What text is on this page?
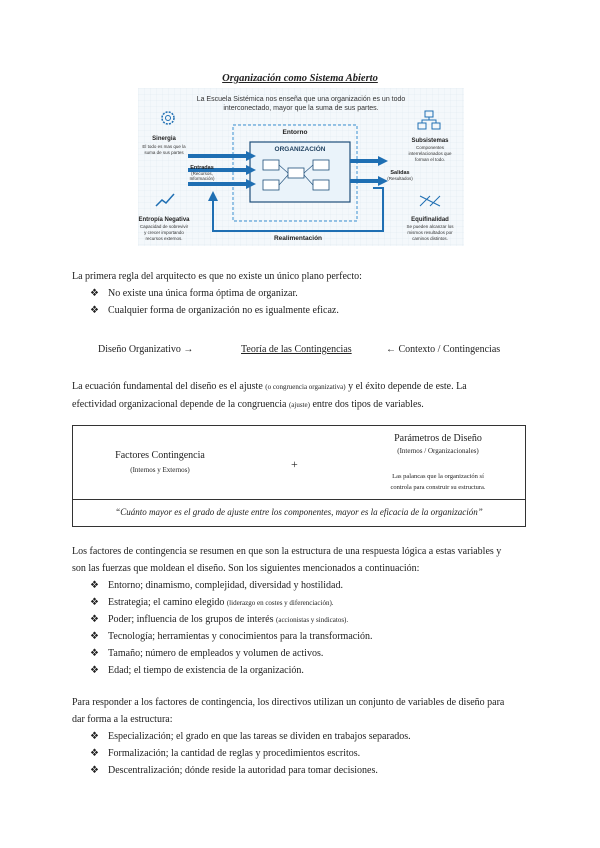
Organización como Sistema Abierto
La Escuela Sistémica nos enseña que una organización es un todo
interconectado, mayor que la suma de sus partes.
Entorno
ORGANIZACIÓN
Realimentación
Sinergia
El todo es mas que la
suma de sus partes
Entradas
(Recursos,
Información)
Entropía Negativa
Capacidad de sobrevivir
y crecer importando
recursos externos.
Subsistemas
Componentes
interrelacionados que
forman el todo.
Salidas
(Resultados)
Equifinalidad
Se pueden alcanzar los
mismos resultados por
caminos distintos.
La primera regla del arquitecto es que no existe un único plano perfecto:
❖ No existe una única forma óptima de organizar.
❖ Cualquier forma de organización no es igualmente eficaz.
Diseño Organizativo →	Teoría de las Contingencias	← Contexto / Contingencias
La ecuación fundamental del diseño es el ajuste (o congruencia organizativa) y el éxito depende de este. La
efectividad organizacional depende de la congruencia (ajuste) entre dos tipos de variables.
Factores Contingencia
(Internos y Externos)	+
Parámetros de Diseño
(Internos / Organizacionales)
Las palancas que la organización sí
controla para construir su estructura.
“Cuánto mayor es el grado de ajuste entre los componentes, mayor es la eficacia de la organización”
Los factores de contingencia se resumen en que son la estructura de una respuesta lógica a estas variables y
son las fuerzas que moldean el diseño. Son los siguientes mencionados a continuación:
❖ Entorno; dinamismo, complejidad, diversidad y hostilidad.
❖ Estrategia; el camino elegido (liderazgo en costes y diferenciación).
❖ Poder; influencia de los grupos de interés (accionistas y sindicatos).
❖ Tecnología; herramientas y conocimientos para la transformación.
❖ Tamaño; número de empleados y volumen de activos.
❖ Edad; el tiempo de existencia de la organización.
Para responder a los factores de contingencia, los directivos utilizan un conjunto de variables de diseño para
dar forma a la estructura:
❖ Especialización; el grado en que las tareas se dividen en trabajos separados.
❖ Formalización; la cantidad de reglas y procedimientos escritos.
❖ Descentralización; dónde reside la autoridad para tomar decisiones.
